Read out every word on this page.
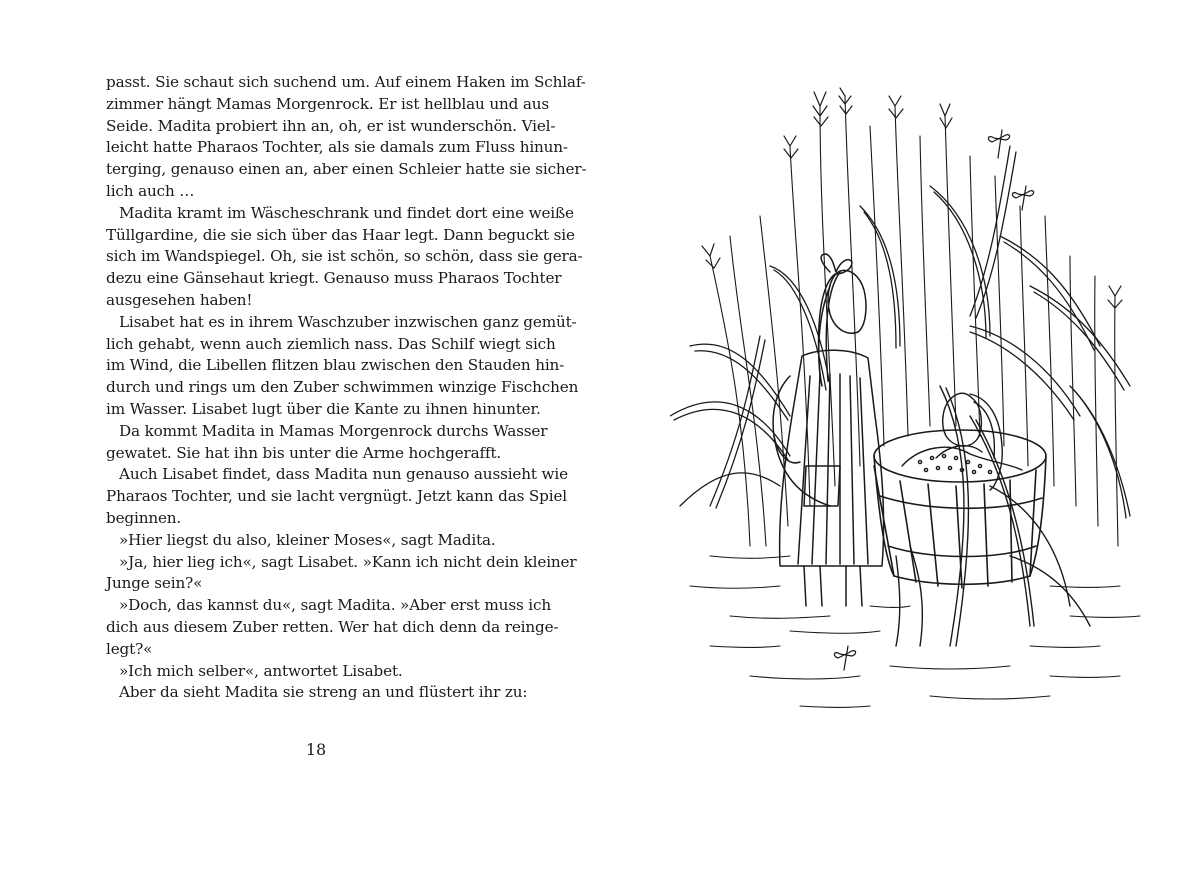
passt. Sie schaut sich suchend um. Auf einem Haken im Schlaf-
zimmer hängt Mamas Morgenrock. Er ist hellblau und aus
Seide. Madita probiert ihn an, oh, er ist wunderschön. Viel-
leicht hatte Pharaos Tochter, als sie damals zum Fluss hinun-
terging, genauso einen an, aber einen Schleier hatte sie sicher-
lich auch …
Madita kramt im Wäscheschrank und findet dort eine weiße
Tüllgardine, die sie sich über das Haar legt. Dann beguckt sie
sich im Wandspiegel. Oh, sie ist schön, so schön, dass sie gera-
dezu eine Gänsehaut kriegt. Genauso muss Pharaos Tochter
ausgesehen haben!
Lisabet hat es in ihrem Waschzuber inzwischen ganz gemüt-
lich gehabt, wenn auch ziemlich nass. Das Schilf wiegt sich
im Wind, die Libellen flitzen blau zwischen den Stauden hin-
durch und rings um den Zuber schwimmen winzige Fischchen
im Wasser. Lisabet lugt über die Kante zu ihnen hinunter.
Da kommt Madita in Mamas Morgenrock durchs Wasser
gewatet. Sie hat ihn bis unter die Arme hochgerafft.
Auch Lisabet findet, dass Madita nun genauso aussieht wie
Pharaos Tochter, und sie lacht vergnügt. Jetzt kann das Spiel
beginnen.
»Hier liegst du also, kleiner Moses«, sagt Madita.
»Ja, hier lieg ich«, sagt Lisabet. »Kann ich nicht dein kleiner
Junge sein?«
»Doch, das kannst du«, sagt Madita. »Aber erst muss ich
dich aus diesem Zuber retten. Wer hat dich denn da reinge-
legt?«
»Ich mich selber«, antwortet Lisabet.
Aber da sieht Madita sie streng an und flüstert ihr zu:
18
